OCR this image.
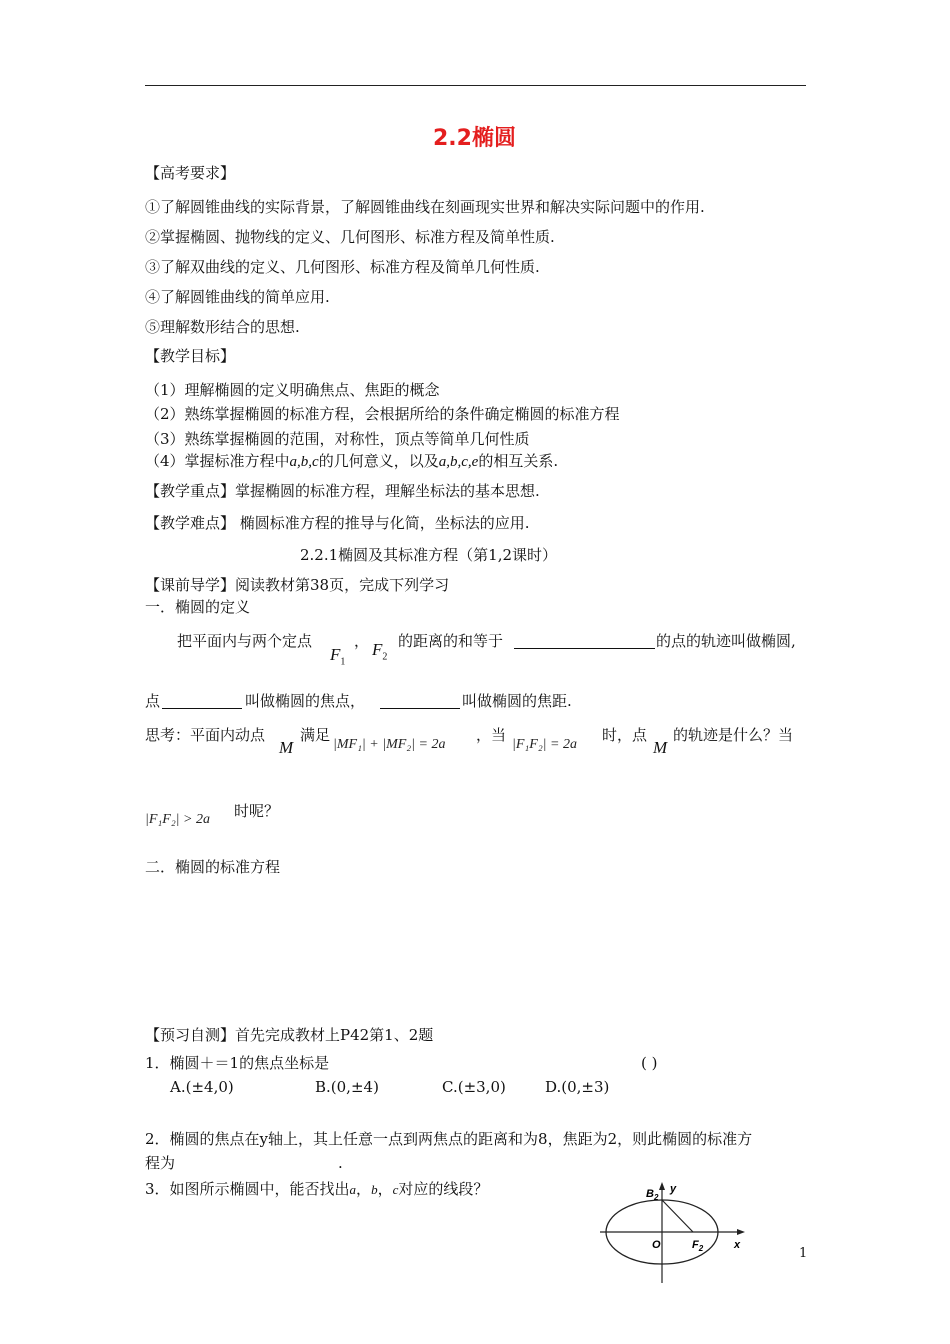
2.2椭圆
【高考要求】
①了解圆锥曲线的实际背景，了解圆锥曲线在刻画现实世界和解决实际问题中的作用.
②掌握椭圆、抛物线的定义、几何图形、标准方程及简单性质.
③了解双曲线的定义、几何图形、标准方程及简单几何性质.
④了解圆锥曲线的简单应用.
⑤理解数形结合的思想.
【教学目标】
（1）理解椭圆的定义明确焦点、焦距的概念
（2）熟练掌握椭圆的标准方程，会根据所给的条件确定椭圆的标准方程
（3）熟练掌握椭圆的范围，对称性，顶点等简单几何性质
（4）掌握标准方程中a,b,c的几何意义，以及a,b,c,e的相互关系.
【教学重点】掌握椭圆的标准方程，理解坐标法的基本思想.
【教学难点】 椭圆标准方程的推导与化简，坐标法的应用.
2.2.1椭圆及其标准方程（第1,2课时）
【课前导学】阅读教材第38页，完成下列学习
一．椭圆的定义
把平面内与两个定点
$F_1$
， $F_2$
的距离的和等于	的点的轨迹叫做椭圆,
点	叫做椭圆的焦点，	叫做椭圆的焦距.
思考：平面内动点
M
满足
|MF₁| + |MF₂| = 2a
，当
|F₁F₂| = 2a
时，点
M
的轨迹是什么？当
|F₁F₂| > 2a 时呢？
二．椭圆的标准方程
【预习自测】首先完成教材上P42第1、2题
1．椭圆＋＝1的焦点坐标是	( )
A.(±4,0)	B.(0,±4)	C.(±3,0)	D.(0,±3)
2．椭圆的焦点在y轴上，其上任意一点到两焦点的距离和为8，焦距为2，则此椭圆的标准方
程为	.
3．如图所示椭圆中，能否找出a，b，c对应的线段？	$B_2$
y
O	$F_2$	x
1
